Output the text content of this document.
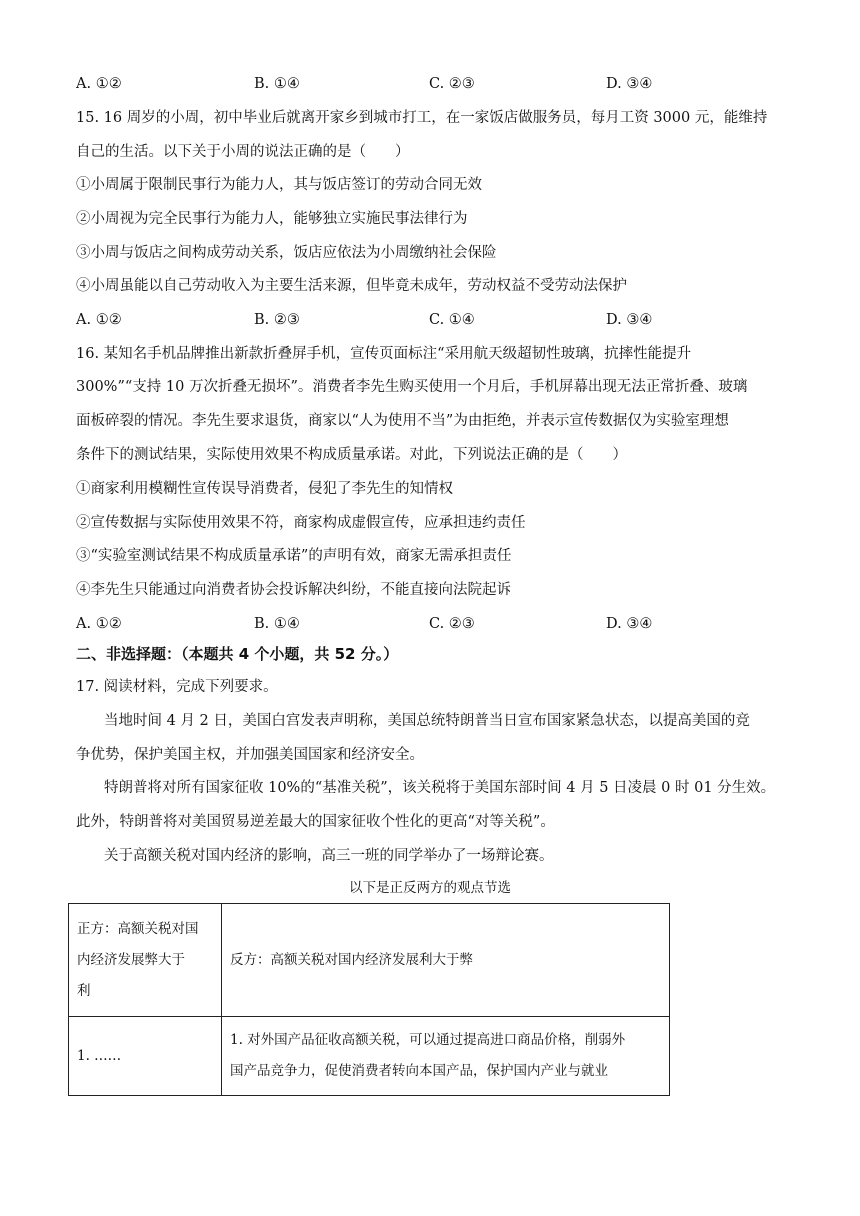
A. ①②	B. ①④	C. ②③	D. ③④
15. 16 周岁的小周，初中毕业后就离开家乡到城市打工，在一家饭店做服务员，每月工资 3000 元，能维持
自己的生活。以下关于小周的说法正确的是（　　）
①小周属于限制民事行为能力人，其与饭店签订的劳动合同无效
②小周视为完全民事行为能力人，能够独立实施民事法律行为
③小周与饭店之间构成劳动关系，饭店应依法为小周缴纳社会保险
④小周虽能以自己劳动收入为主要生活来源，但毕竟未成年，劳动权益不受劳动法保护
A. ①②	B. ②③	C. ①④	D. ③④
16. 某知名手机品牌推出新款折叠屏手机，宣传页面标注“采用航天级超韧性玻璃，抗摔性能提升
300%”“支持 10 万次折叠无损坏”。消费者李先生购买使用一个月后，手机屏幕出现无法正常折叠、玻璃
面板碎裂的情况。李先生要求退货，商家以“人为使用不当”为由拒绝，并表示宣传数据仅为实验室理想
条件下的测试结果，实际使用效果不构成质量承诺。对此，下列说法正确的是（　　）
①商家利用模糊性宣传误导消费者，侵犯了李先生的知情权
②宣传数据与实际使用效果不符，商家构成虚假宣传，应承担违约责任
③“实验室测试结果不构成质量承诺”的声明有效，商家无需承担责任
④李先生只能通过向消费者协会投诉解决纠纷，不能直接向法院起诉
A. ①②	B. ①④	C. ②③	D. ③④
二、非选择题：（本题共 4 个小题，共 52 分。）
17. 阅读材料，完成下列要求。
当地时间 4 月 2 日，美国白宫发表声明称，美国总统特朗普当日宣布国家紧急状态，以提高美国的竞
争优势，保护美国主权，并加强美国国家和经济安全。
特朗普将对所有国家征收 10%的“基准关税”，该关税将于美国东部时间 4 月 5 日凌晨 0 时 01 分生效。
此外，特朗普将对美国贸易逆差最大的国家征收个性化的更高“对等关税”。
关于高额关税对国内经济的影响，高三一班的同学举办了一场辩论赛。
以下是正反两方的观点节选
正方：高额关税对国
内经济发展弊大于
利	反方：高额关税对国内经济发展利大于弊

1. ……	1. 对外国产品征收高额关税，可以通过提高进口商品价格，削弱外
国产品竞争力，促使消费者转向本国产品，保护国内产业与就业
